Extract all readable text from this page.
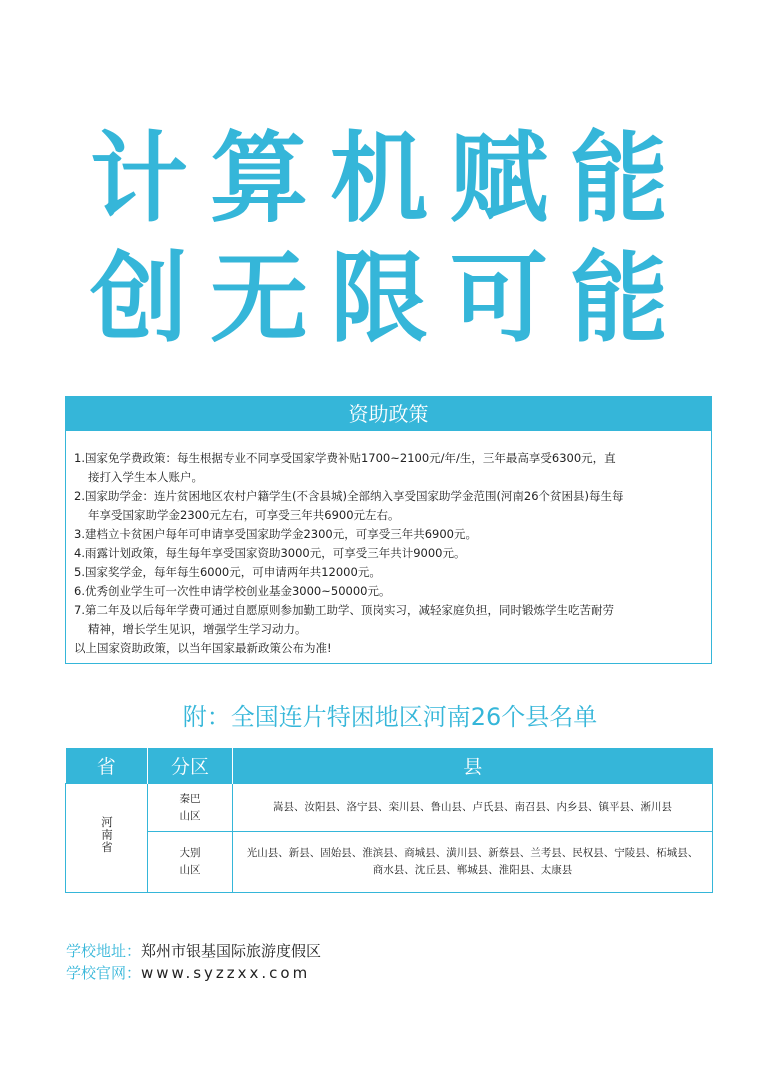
计算机赋能
创无限可能
资助政策
1.国家免学费政策：每生根据专业不同享受国家学费补贴1700~2100元/年/生，三年最高享受6300元，直
接打入学生本人账户。
2.国家助学金：连片贫困地区农村户籍学生(不含县城)全部纳入享受国家助学金范围(河南26个贫困县)每生每
年享受国家助学金2300元左右，可享受三年共6900元左右。
3.建档立卡贫困户每年可申请享受国家助学金2300元，可享受三年共6900元。
4.雨露计划政策，每生每年享受国家资助3000元，可享受三年共计9000元。
5.国家奖学金，每年每生6000元，可申请两年共12000元。
6.优秀创业学生可一次性申请学校创业基金3000~50000元。
7.第二年及以后每年学费可通过自愿原则参加勤工助学、顶岗实习，减轻家庭负担，同时锻炼学生吃苦耐劳
精神，增长学生见识，增强学生学习动力。
以上国家资助政策，以当年国家最新政策公布为准!
附：全国连片特困地区河南26个县名单
省	分区	县
河南省	秦巴
山区	嵩县、汝阳县、洛宁县、栾川县、鲁山县、卢氏县、南召县、内乡县、镇平县、淅川县

	大别
山区	光山县、新县、固始县、淮滨县、商城县、潢川县、新蔡县、兰考县、民权县、宁陵县、柘城县、商水县、沈丘县、郸城县、淮阳县、太康县
学校地址：郑州市银基国际旅游度假区
学校官网：www.syzzxx.com
